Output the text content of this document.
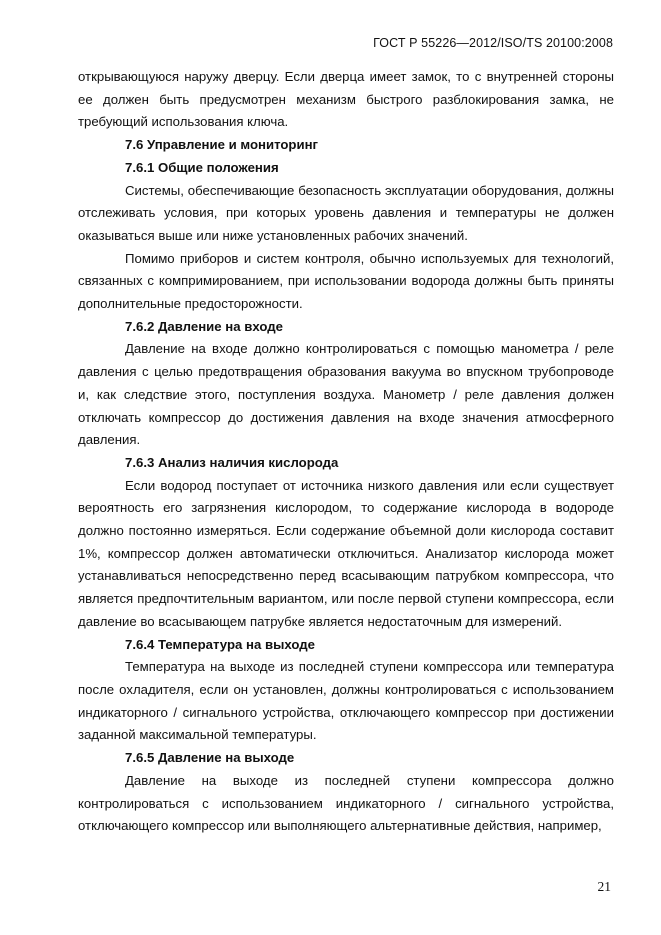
ГОСТ Р 55226—2012/ISO/TS 20100:2008

открывающуюся наружу дверцу. Если дверца имеет замок, то с внутренней стороны ее должен быть предусмотрен механизм быстрого разблокирования замка, не требующий использования ключа.

7.6 Управление и мониторинг
7.6.1 Общие положения

Системы, обеспечивающие безопасность эксплуатации оборудования, должны отслеживать условия, при которых уровень давления и температуры не должен оказываться выше или ниже установленных рабочих значений.

Помимо приборов и систем контроля, обычно используемых для технологий, связанных с компримированием, при использовании водорода должны быть приняты дополнительные предосторожности.

7.6.2 Давление на входе

Давление на входе должно контролироваться с помощью манометра / реле давления с целью предотвращения образования вакуума во впускном трубопроводе и, как следствие этого, поступления воздуха. Манометр / реле давления должен отключать компрессор до достижения давления на входе значения атмосферного давления.

7.6.3 Анализ наличия кислорода

Если водород поступает от источника низкого давления или если существует вероятность его загрязнения кислородом, то содержание кислорода в водороде должно постоянно измеряться. Если содержание объемной доли кислорода составит 1%, компрессор должен автоматически отключиться. Анализатор кислорода может устанавливаться непосредственно перед всасывающим патрубком компрессора, что является предпочтительным вариантом, или после первой ступени компрессора, если давление во всасывающем патрубке является недостаточным для измерений.

7.6.4 Температура на выходе

Температура на выходе из последней ступени компрессора или температура после охладителя, если он установлен, должны контролироваться с использованием индикаторного / сигнального устройства, отключающего компрессор при достижении заданной максимальной температуры.

7.6.5 Давление на выходе

Давление на выходе из последней ступени компрессора должно контролироваться с использованием индикаторного / сигнального устройства, отключающего компрессор или выполняющего альтернативные действия, например,

21
